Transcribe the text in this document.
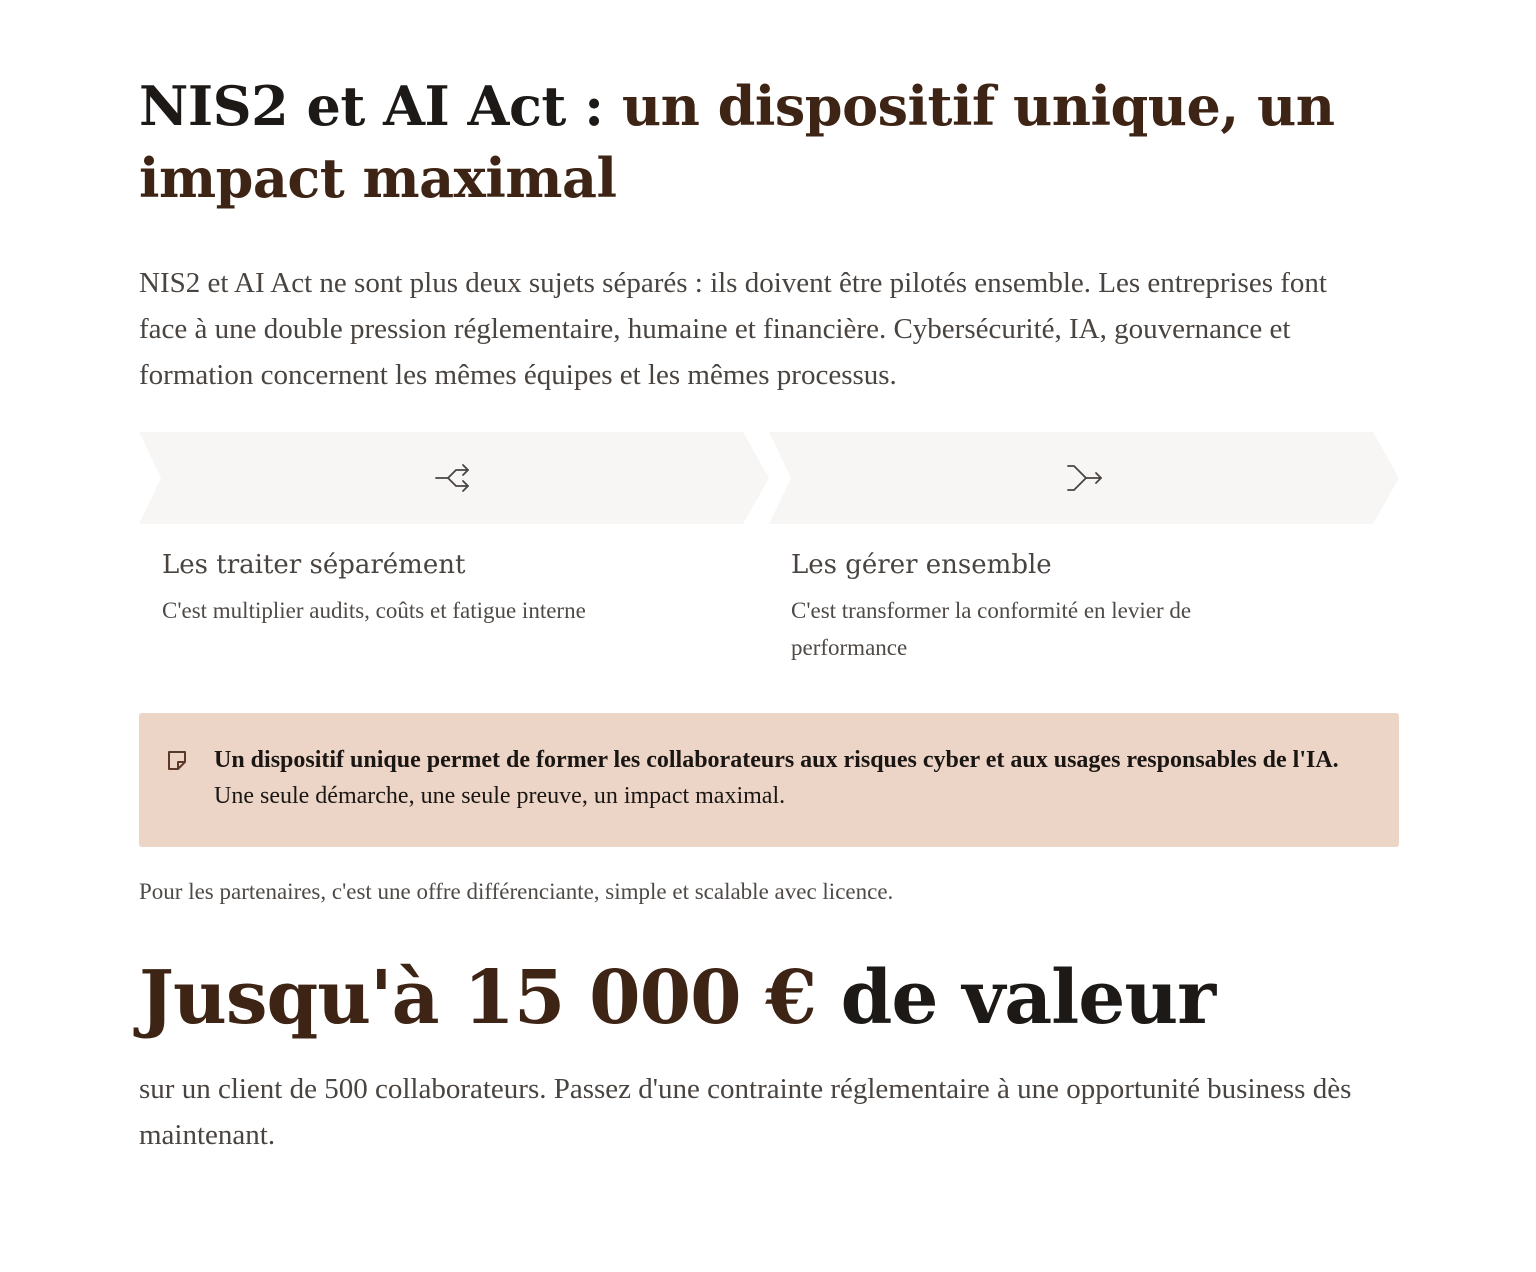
NIS2 et AI Act : un dispositif unique, un impact maximal

NIS2 et AI Act ne sont plus deux sujets séparés : ils doivent être pilotés ensemble. Les entreprises font face à une double pression réglementaire, humaine et financière. Cybersécurité, IA, gouvernance et formation concernent les mêmes équipes et les mêmes processus.

Les traiter séparément

C'est multiplier audits, coûts et fatigue interne

Les gérer ensemble

C'est transformer la conformité en levier de performance

Un dispositif unique permet de former les collaborateurs aux risques cyber et aux usages responsables de l'IA. Une seule démarche, une seule preuve, un impact maximal.

Pour les partenaires, c'est une offre différenciante, simple et scalable avec licence.

Jusqu'à 15 000 € de valeur

sur un client de 500 collaborateurs. Passez d'une contrainte réglementaire à une opportunité business dès maintenant.
